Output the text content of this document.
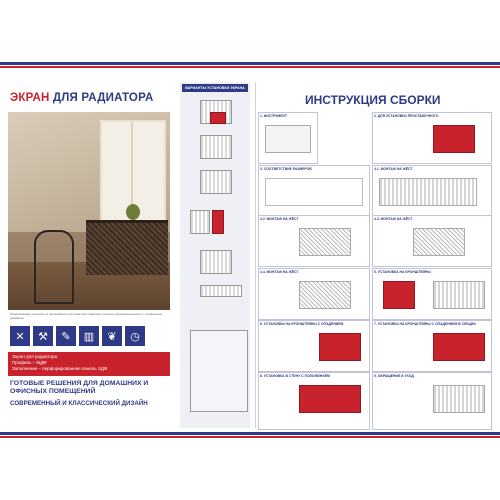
ЭКРАН ДЛЯ РАДИАТОРА
Предлагаемые решения по организации пространства позволяют сочетать функциональность с интересным дизайном
✕	⚒	✎	▥	❦	◷
Экран для радиатора
Профиль – МДФ
Заполнение – перфорированная панель ХДФ
ГОТОВЫЕ РЕШЕНИЯ ДЛЯ ДОМАШНИХ И ОФИСНЫХ ПОМЕЩЕНИЙ
СОВРЕМЕННЫЙ И КЛАССИЧЕСКИЙ ДИЗАЙН
ВАРИАНТЫ УСТАНОВКИ ЭКРАНА
ИНСТРУКЦИЯ СБОРКИ
1. ИНСТРУМЕНТ	2. ДЛЯ УСТАНОВКИ ПРИСТАВОЧНОГО
3. СООТВЕТСТВИЕ РАЗМЕРОВ	4.1. МОНТАЖ НА ЖЁСТ
4.2. МОНТАЖ НА ЖЁСТ	4.3. МОНТАЖ НА ЖЁСТ
4.4. МОНТАЖ НА ЖЁСТ	5. УСТАНОВКА НА КРОНШТЕЙНЫ
6. УСТАНОВКА НА КРОНШТЕЙНЫ С ОПАДЕНИЕМ	7. УСТАНОВКА НА КРОНШТЕЙНЫ С ОПАДЕНИЕМ В СЕКЦИИ
8. УСТАНОВКА В СТЕНУ С ПОЛОЖЕНИЕМ	9. ОБРАЩЕНИЕ И УХОД
